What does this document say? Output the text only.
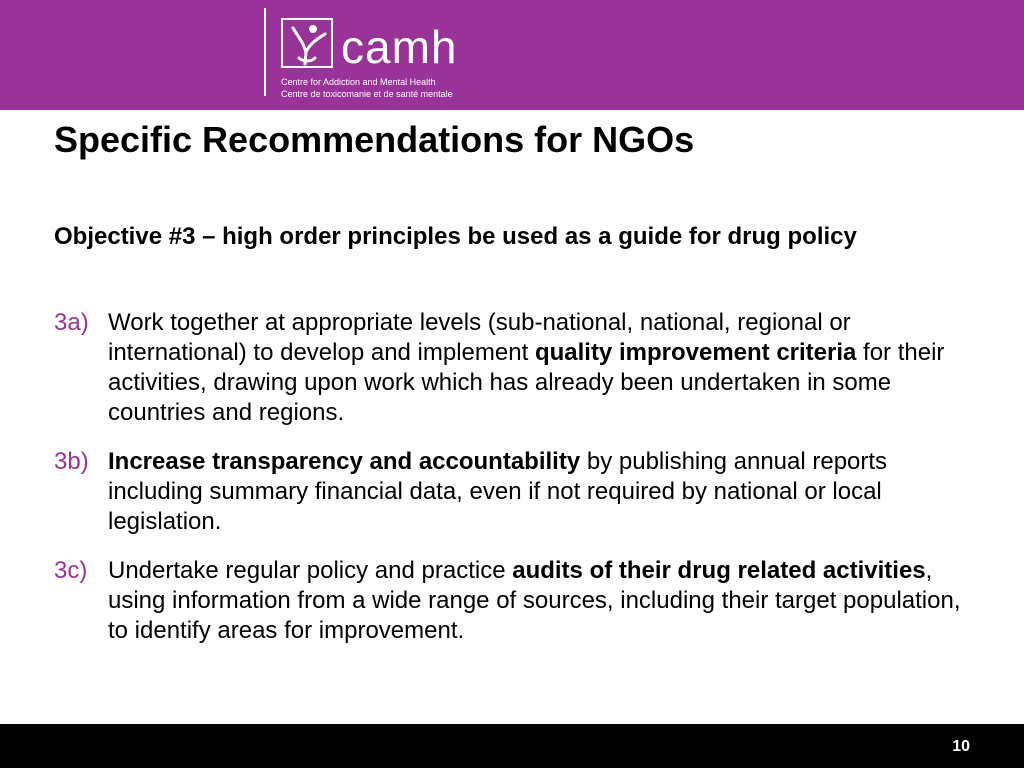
camh
Centre for Addiction and Mental Health
Centre de toxicomanie et de santé mentale
Specific Recommendations for NGOs
Objective #3 – high order principles be used as a guide for drug policy
3a) Work together at appropriate levels (sub-national, national, regional or international) to develop and implement quality improvement criteria for their activities, drawing upon work which has already been undertaken in some countries and regions.
3b) Increase transparency and accountability by publishing annual reports including summary financial data, even if not required by national or local legislation.
3c) Undertake regular policy and practice audits of their drug related activities, using information from a wide range of sources, including their target population, to identify areas for improvement.
10
